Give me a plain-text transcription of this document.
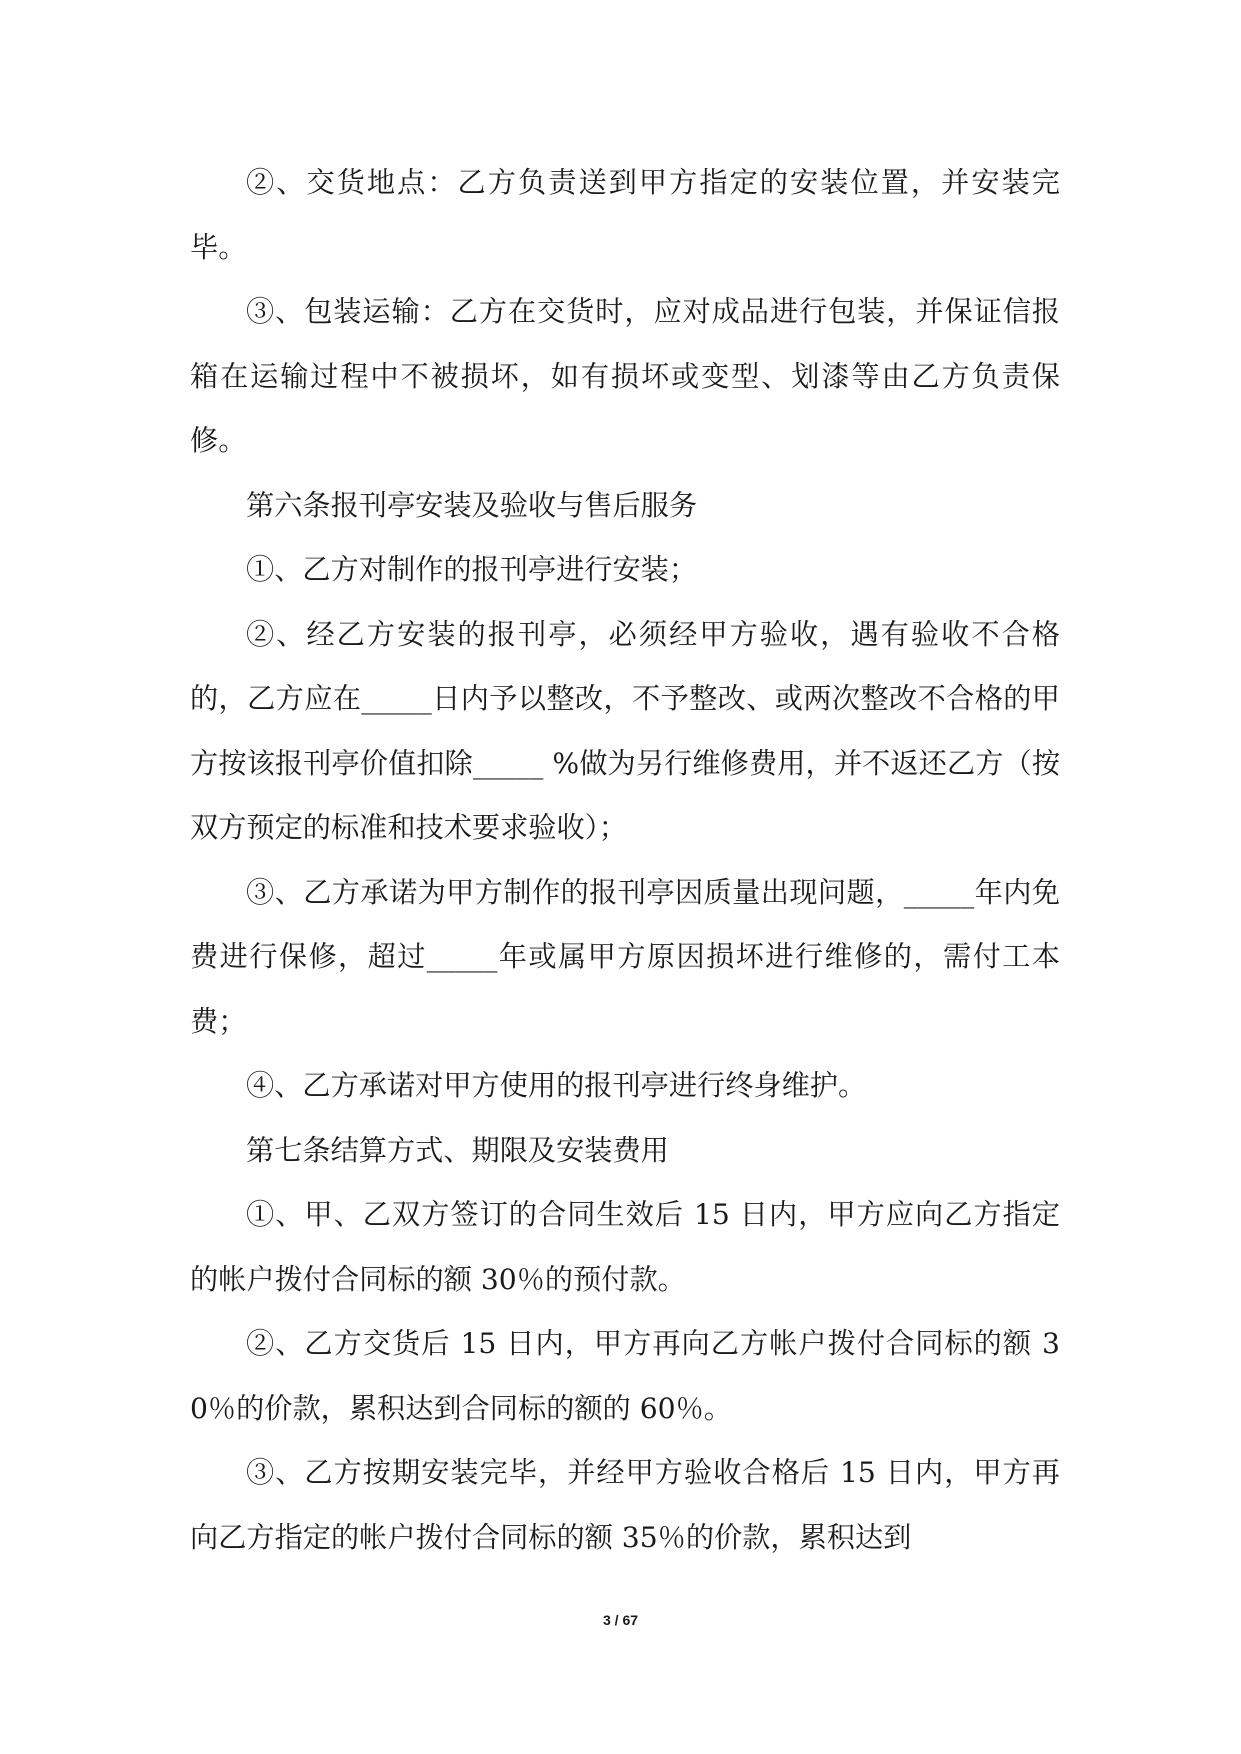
②、交货地点：乙方负责送到甲方指定的安装位置，并安装完毕。

③、包装运输：乙方在交货时，应对成品进行包装，并保证信报箱在运输过程中不被损坏，如有损坏或变型、划漆等由乙方负责保修。

第六条报刊亭安装及验收与售后服务

①、乙方对制作的报刊亭进行安装；

②、经乙方安装的报刊亭，必须经甲方验收，遇有验收不合格的，乙方应在_____日内予以整改，不予整改、或两次整改不合格的甲方按该报刊亭价值扣除_____ %做为另行维修费用，并不返还乙方（按双方预定的标准和技术要求验收）；

③、乙方承诺为甲方制作的报刊亭因质量出现问题，_____年内免费进行保修，超过_____年或属甲方原因损坏进行维修的，需付工本费；

④、乙方承诺对甲方使用的报刊亭进行终身维护。

第七条结算方式、期限及安装费用

①、甲、乙双方签订的合同生效后 15 日内，甲方应向乙方指定的帐户拨付合同标的额 30％的预付款。

②、乙方交货后 15 日内，甲方再向乙方帐户拨付合同标的额 30％的价款，累积达到合同标的额的 60％。

③、乙方按期安装完毕，并经甲方验收合格后 15 日内，甲方再向乙方指定的帐户拨付合同标的额 35％的价款，累积达到

3 / 67
